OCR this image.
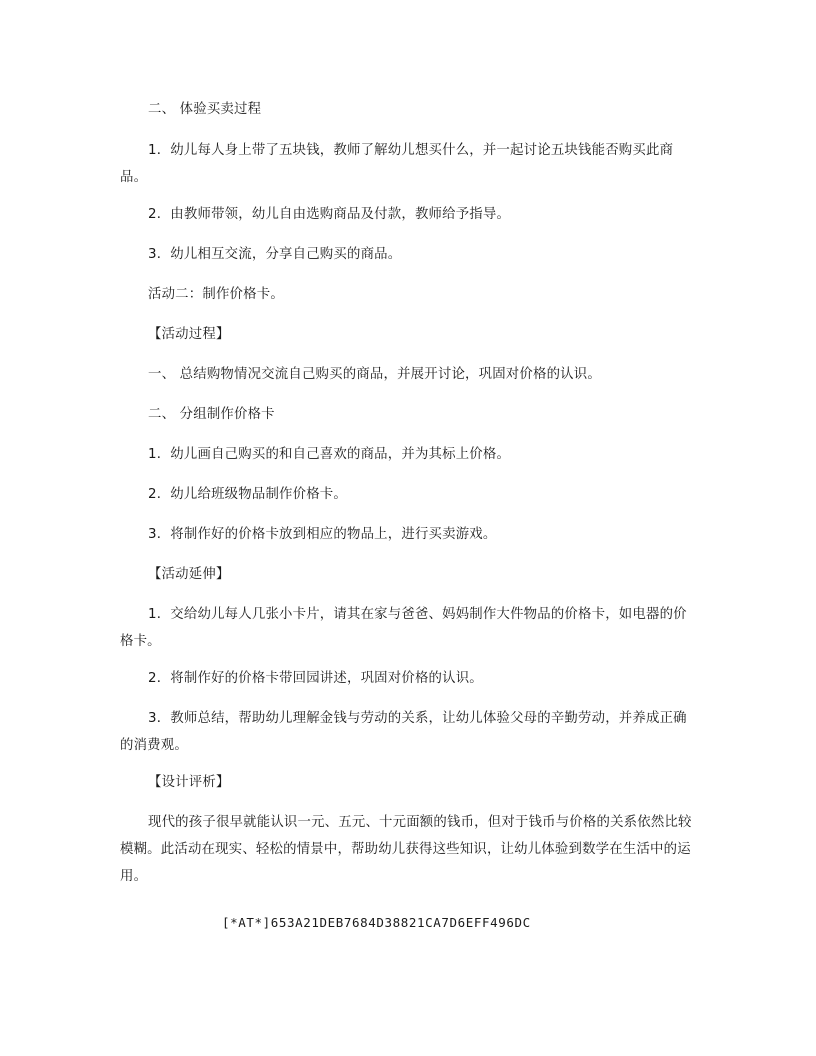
二、 体验买卖过程

1．幼儿每人身上带了五块钱，教师了解幼儿想买什么，并一起讨论五块钱能否购买此商品。

2．由教师带领，幼儿自由选购商品及付款，教师给予指导。

3．幼儿相互交流，分享自己购买的商品。

活动二：制作价格卡。

【活动过程】

一、 总结购物情况交流自己购买的商品，并展开讨论，巩固对价格的认识。

二、 分组制作价格卡

1．幼儿画自己购买的和自己喜欢的商品，并为其标上价格。

2．幼儿给班级物品制作价格卡。

3．将制作好的价格卡放到相应的物品上，进行买卖游戏。

【活动延伸】

1．交给幼儿每人几张小卡片，请其在家与爸爸、妈妈制作大件物品的价格卡，如电器的价格卡。

2．将制作好的价格卡带回园讲述，巩固对价格的认识。

3．教师总结，帮助幼儿理解金钱与劳动的关系，让幼儿体验父母的辛勤劳动，并养成正确的消费观。

【设计评析】

现代的孩子很早就能认识一元、五元、十元面额的钱币，但对于钱币与价格的关系依然比较模糊。此活动在现实、轻松的情景中，帮助幼儿获得这些知识，让幼儿体验到数学在生活中的运用。

[*AT*]653A21DEB7684D38821CA7D6EFF496DC
